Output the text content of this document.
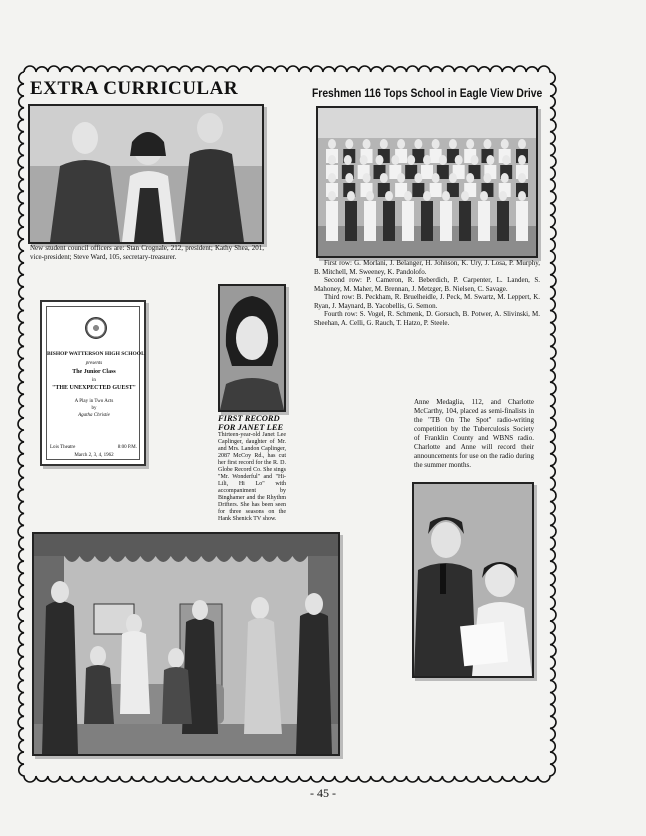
EXTRA CURRICULAR	Freshmen 116 Tops School in Eagle View Drive
New student council officers are: Stan Crognale, 212, president; Kathy Shea, 201, vice-president; Steve Ward, 105, secretary-treasurer.

First row: G. Morlani, J. Belanger, H. Johnson, K. Ury, J. Losa, P. Murphy, B. Mitchell, M. Sweeney, K. Pandolofo.

Second row: P. Cameron, R. Beberdich, P. Carpenter, L. Landen, S. Mahoney, M. Maher, M. Brennan, J. Metzger, B. Nielsen, C. Savage.

Third row: B. Peckham, R. Bruelheidle, J. Peck, M. Swartz, M. Leppert, K. Ryan, J. Maynard, B. Yacobellis, G. Semon.

Fourth row: S. Vogel, R. Schmenk, D. Gorsuch, B. Potwer, A. Slivinski, M. Sheehan, A. Celli, G. Rauch, T. Hatzo, P. Steele.

BISHOP WATTERSON HIGH SCHOOL
presents
The Junior Class
in
"THE UNEXPECTED GUEST"
A Play in Two Acts
by
Agatha Christie
Lois Theatre	8:00 P.M.
March 2, 3, 4, 1962
FIRST RECORD FOR JANET LEE
Thirteen-year-old Janet Lee Caplinger, daughter of Mr. and Mrs. Landon Caplinger, 2087 McCoy Rd., has cut her first record for the R. D. Globe Record Co. She sings "Mr. Wonderful" and "Hi-Lili, Hi Lo" with accompaniment by Binghamer and the Rhythm Drifters. She has been seen for three seasons on the Hank Shenick TV show.
Anne Medaglia, 112, and Charlotte McCarthy, 104, placed as semi-finalists in the "TB On The Spot" radio-writing competition by the Tuberculosis Society of Franklin County and WBNS radio. Charlotte and Anne will record their announcements for use on the radio during the summer months.
- 45 -
